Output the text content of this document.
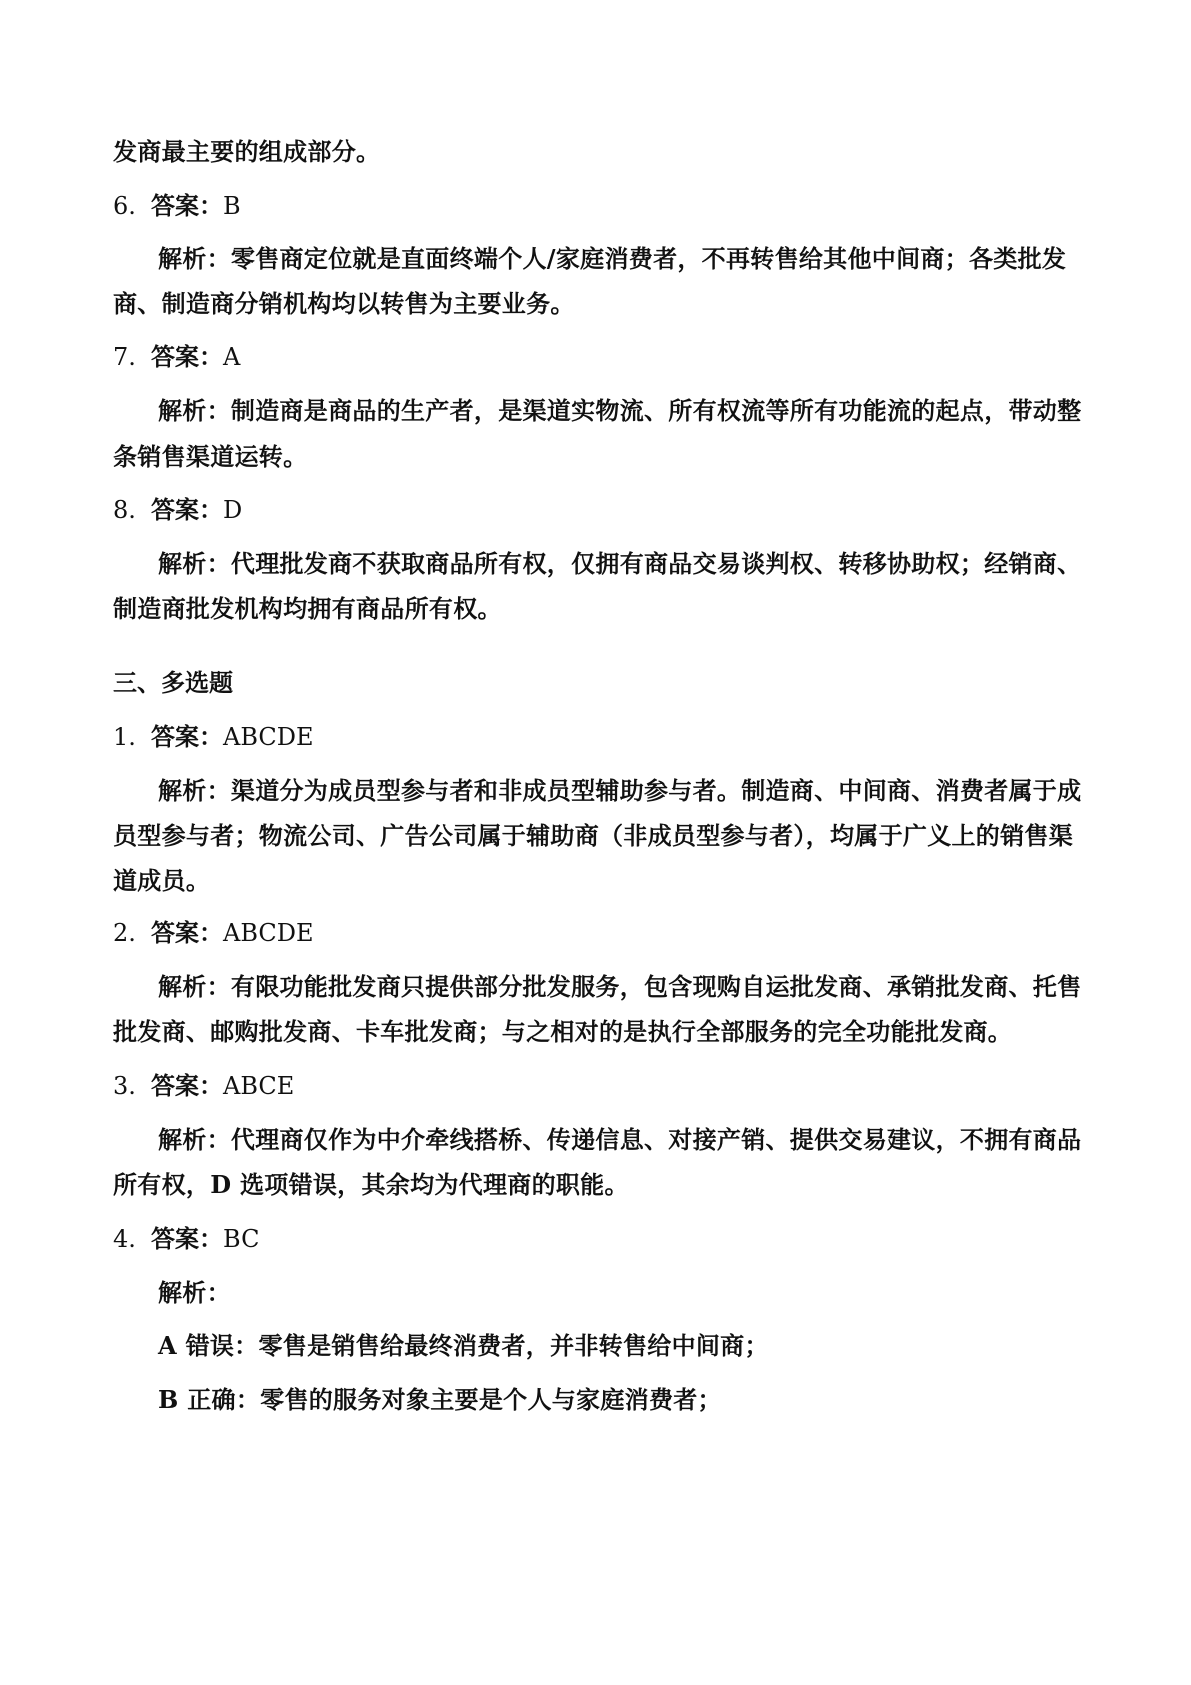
发商最主要的组成部分。
6. 答案：B
解析：零售商定位就是直面终端个人/家庭消费者，不再转售给其他中间商；各类批发
商、制造商分销机构均以转售为主要业务。
7. 答案：A
解析：制造商是商品的生产者，是渠道实物流、所有权流等所有功能流的起点，带动整
条销售渠道运转。
8. 答案：D
解析：代理批发商不获取商品所有权，仅拥有商品交易谈判权、转移协助权；经销商、
制造商批发机构均拥有商品所有权。
三、多选题
1. 答案：ABCDE
解析：渠道分为成员型参与者和非成员型辅助参与者。制造商、中间商、消费者属于成
员型参与者；物流公司、广告公司属于辅助商（非成员型参与者），均属于广义上的销售渠
道成员。
2. 答案：ABCDE
解析：有限功能批发商只提供部分批发服务，包含现购自运批发商、承销批发商、托售
批发商、邮购批发商、卡车批发商；与之相对的是执行全部服务的完全功能批发商。
3. 答案：ABCE
解析：代理商仅作为中介牵线搭桥、传递信息、对接产销、提供交易建议，不拥有商品
所有权，D 选项错误，其余均为代理商的职能。
4. 答案：BC
解析：
A 错误：零售是销售给最终消费者，并非转售给中间商；
B 正确：零售的服务对象主要是个人与家庭消费者；
